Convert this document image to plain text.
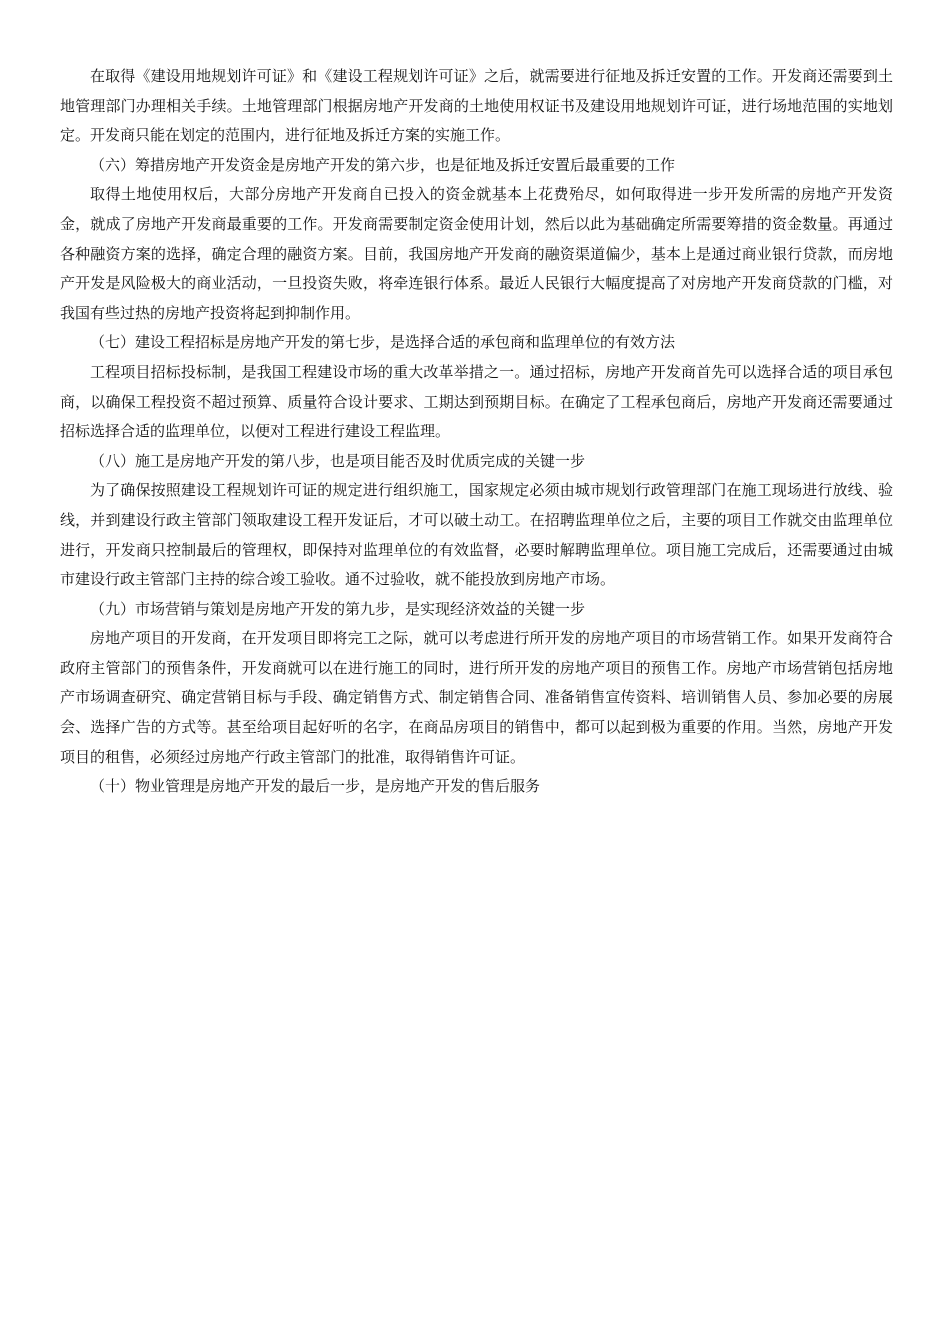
在取得《建设用地规划许可证》和《建设工程规划许可证》之后，就需要进行征地及拆迁安置的工作。开发商还需要到土地管理部门办理相关手续。土地管理部门根据房地产开发商的土地使用权证书及建设用地规划许可证，进行场地范围的实地划定。开发商只能在划定的范围内，进行征地及拆迁方案的实施工作。

（六）筹措房地产开发资金是房地产开发的第六步，也是征地及拆迁安置后最重要的工作

取得土地使用权后，大部分房地产开发商自已投入的资金就基本上花费殆尽，如何取得进一步开发所需的房地产开发资金，就成了房地产开发商最重要的工作。开发商需要制定资金使用计划，然后以此为基础确定所需要筹措的资金数量。再通过各种融资方案的选择，确定合理的融资方案。目前，我国房地产开发商的融资渠道偏少，基本上是通过商业银行贷款，而房地产开发是风险极大的商业活动，一旦投资失败，将牵连银行体系。最近人民银行大幅度提高了对房地产开发商贷款的门槛，对我国有些过热的房地产投资将起到抑制作用。

（七）建设工程招标是房地产开发的第七步，是选择合适的承包商和监理单位的有效方法

工程项目招标投标制，是我国工程建设市场的重大改革举措之一。通过招标，房地产开发商首先可以选择合适的项目承包商，以确保工程投资不超过预算、质量符合设计要求、工期达到预期目标。在确定了工程承包商后，房地产开发商还需要通过招标选择合适的监理单位，以便对工程进行建设工程监理。

（八）施工是房地产开发的第八步，也是项目能否及时优质完成的关键一步

为了确保按照建设工程规划许可证的规定进行组织施工，国家规定必须由城市规划行政管理部门在施工现场进行放线、验线，并到建设行政主管部门领取建设工程开发证后，才可以破土动工。在招聘监理单位之后，主要的项目工作就交由监理单位进行，开发商只控制最后的管理权，即保持对监理单位的有效监督，必要时解聘监理单位。项目施工完成后，还需要通过由城市建设行政主管部门主持的综合竣工验收。通不过验收，就不能投放到房地产市场。

（九）市场营销与策划是房地产开发的第九步，是实现经济效益的关键一步

房地产项目的开发商，在开发项目即将完工之际，就可以考虑进行所开发的房地产项目的市场营销工作。如果开发商符合政府主管部门的预售条件，开发商就可以在进行施工的同时，进行所开发的房地产项目的预售工作。房地产市场营销包括房地产市场调查研究、确定营销目标与手段、确定销售方式、制定销售合同、准备销售宣传资料、培训销售人员、参加必要的房展会、选择广告的方式等。甚至给项目起好听的名字，在商品房项目的销售中，都可以起到极为重要的作用。当然，房地产开发项目的租售，必须经过房地产行政主管部门的批准，取得销售许可证。

（十）物业管理是房地产开发的最后一步，是房地产开发的售后服务
